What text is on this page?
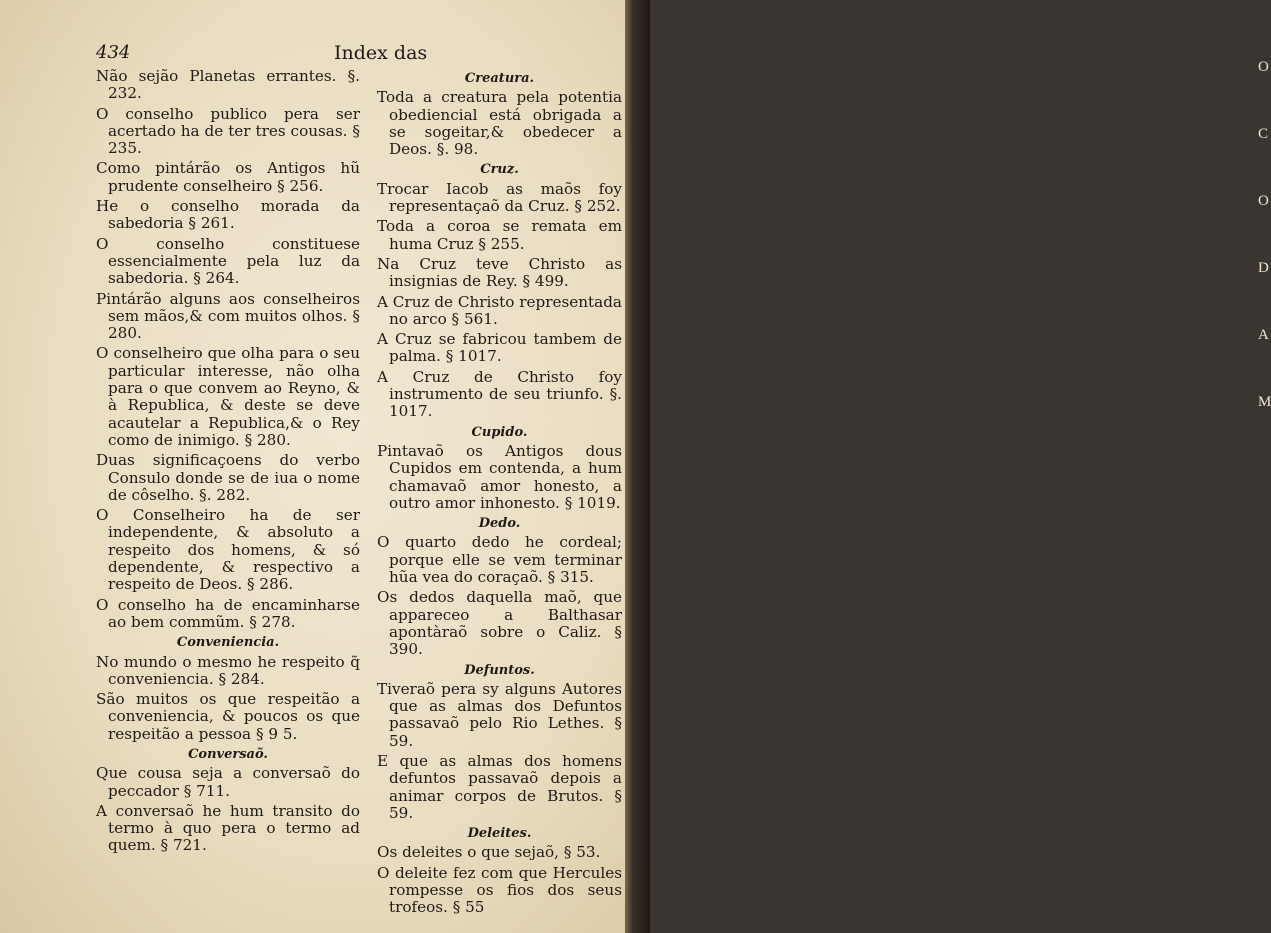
434	Index das
Não sejão Planetas errantes. §. 232.
O conselho publico pera ser acertado ha de ter tres cousas. § 235.
Como pintárão os Antigos hũ prudente conselheiro § 256.
He o conselho morada da sabedoria § 261.
O conselho constituese essencialmente pela luz da sabedoria. § 264.
Pintárão alguns aos conselheiros sem mãos,& com muitos olhos. § 280.
O conselheiro que olha para o seu particular interesse, não olha para o que convem ao Reyno, & à Republica, & deste se deve acautelar a Republica,& o Rey como de inimigo. § 280.
Duas significaçoens do verbo Consulo donde se de iua o nome de côselho. §. 282.
O Conselheiro ha de ser independente, & absoluto a respeito dos homens, & só dependente, & respectivo a respeito de Deos. § 286.
O conselho ha de encaminharse ao bem commũm. § 278.
Conveniencia.
No mundo o mesmo he respeito q̃ conveniencia. § 284.
São muitos os que respeitão a conveniencia, & poucos os que respeitão a pessoa § 9 5.
Conversaõ.
Que cousa seja a conversaõ do peccador § 711.
A conversaõ he hum transito do termo à quo pera o termo ad quem. § 721.
Creatura.
Toda a creatura pela potentia obediencial está obrigada a se sogeitar,& obedecer a Deos. §. 98.
Cruz.
Trocar Iacob as maõs foy representaçaõ da Cruz. § 252.
Toda a coroa se remata em huma Cruz § 255.
Na Cruz teve Christo as insignias de Rey. § 499.
A Cruz de Christo representada no arco § 561.
A Cruz se fabricou tambem de palma. § 1017.
A Cruz de Christo foy instrumento de seu triunfo. §. 1017.
Cupido.
Pintavaõ os Antigos dous Cupidos em contenda, a hum chamavaõ amor honesto, a outro amor inhonesto. § 1019.
Dedo.
O quarto dedo he cordeal; porque elle se vem terminar hũa vea do coraçaõ. § 315.
Os dedos daquella maõ, que appareceo a Balthasar apontàraõ sobre o Caliz. § 390.
Defuntos.
Tiveraõ pera sy alguns Autores que as almas dos Defuntos passavaõ pelo Rio Lethes. § 59.
E que as almas dos homens defuntos passavaõ depois a animar corpos de Brutos. § 59.
Deleites.
Os deleites o que sejaõ, § 53.
O deleite fez com que Hercules rompesse os fios dos seus trofeos. § 55
O
C
O
D
A
M
